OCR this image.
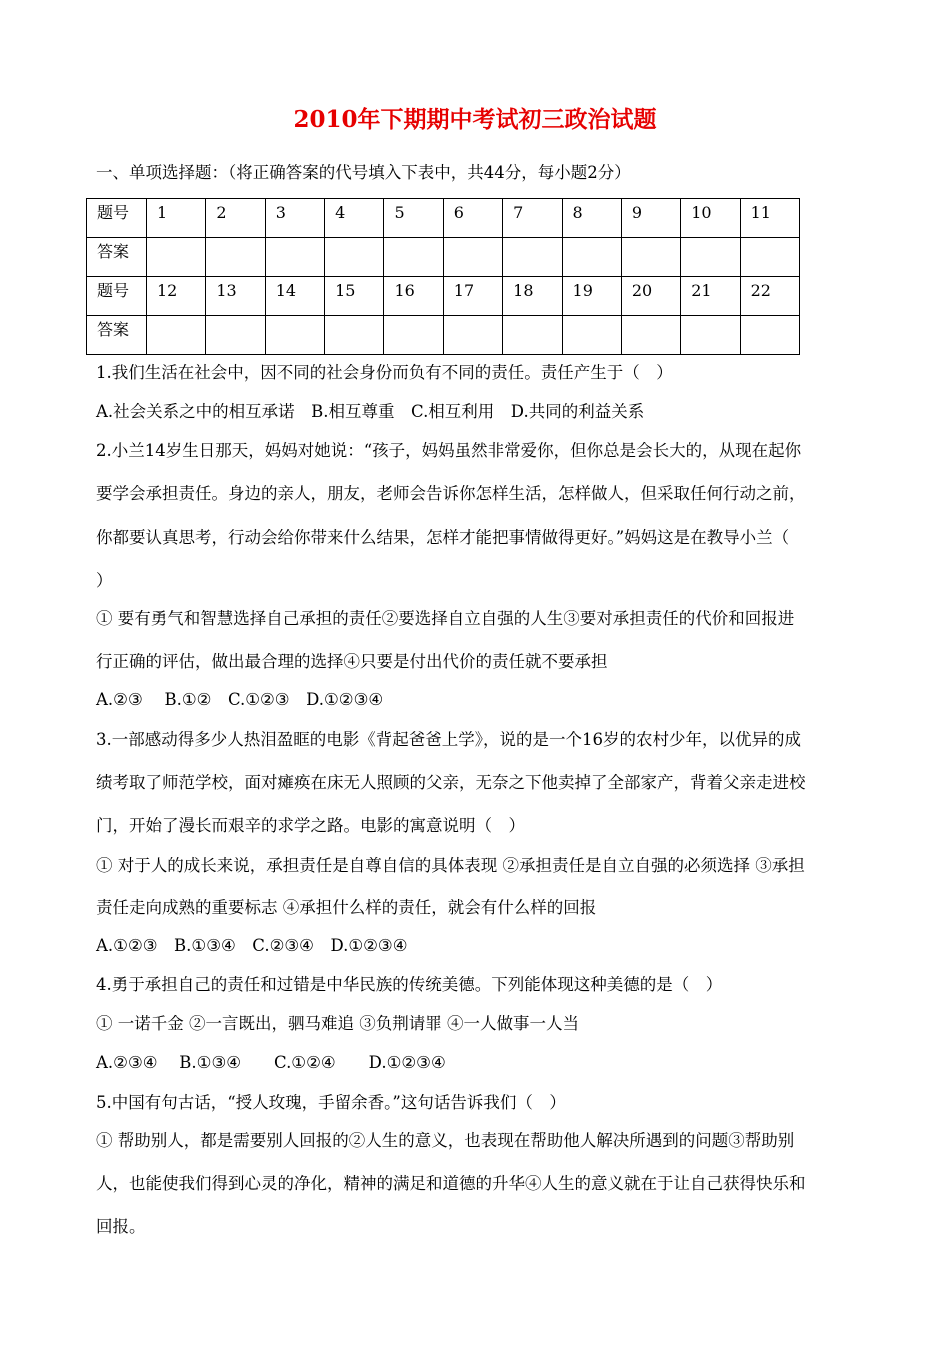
2010年下期期中考试初三政治试题
一、单项选择题：（将正确答案的代号填入下表中，共44分，每小题2分）
题号	1	2	3	4	5	6	7	8	9	10	11
答案											
题号	12	13	14	15	16	17	18	19	20	21	22
答案											
1.我们生活在社会中，因不同的社会身份而负有不同的责任。责任产生于（　）
A.社会关系之中的相互承诺　B.相互尊重　C.相互利用　D.共同的利益关系
2.小兰14岁生日那天，妈妈对她说：“孩子，妈妈虽然非常爱你，但你总是会长大的，从现在起你
要学会承担责任。身边的亲人，朋友，老师会告诉你怎样生活，怎样做人，但采取任何行动之前，
你都要认真思考，行动会给你带来什么结果，怎样才能把事情做得更好。”妈妈这是在教导小兰（
）
① 要有勇气和智慧选择自己承担的责任②要选择自立自强的人生③要对承担责任的代价和回报进
行正确的评估，做出最合理的选择④只要是付出代价的责任就不要承担
A.②③　 B.①②　C.①②③　D.①②③④
3.一部感动得多少人热泪盈眶的电影《背起爸爸上学》，说的是一个16岁的农村少年，以优异的成
绩考取了师范学校，面对瘫痪在床无人照顾的父亲，无奈之下他卖掉了全部家产，背着父亲走进校
门，开始了漫长而艰辛的求学之路。电影的寓意说明（　）
① 对于人的成长来说，承担责任是自尊自信的具体表现 ②承担责任是自立自强的必须选择 ③承担
责任走向成熟的重要标志 ④承担什么样的责任，就会有什么样的回报
A.①②③　B.①③④　C.②③④　D.①②③④
4.勇于承担自己的责任和过错是中华民族的传统美德。下列能体现这种美德的是（　）
① 一诺千金 ②一言既出，驷马难追 ③负荆请罪 ④一人做事一人当
A.②③④　 B.①③④　　C.①②④　　D.①②③④
5.中国有句古话，“授人玫瑰，手留余香。”这句话告诉我们（　）
① 帮助别人，都是需要别人回报的②人生的意义，也表现在帮助他人解决所遇到的问题③帮助别
人，也能使我们得到心灵的净化，精神的满足和道德的升华④人生的意义就在于让自己获得快乐和
回报。
